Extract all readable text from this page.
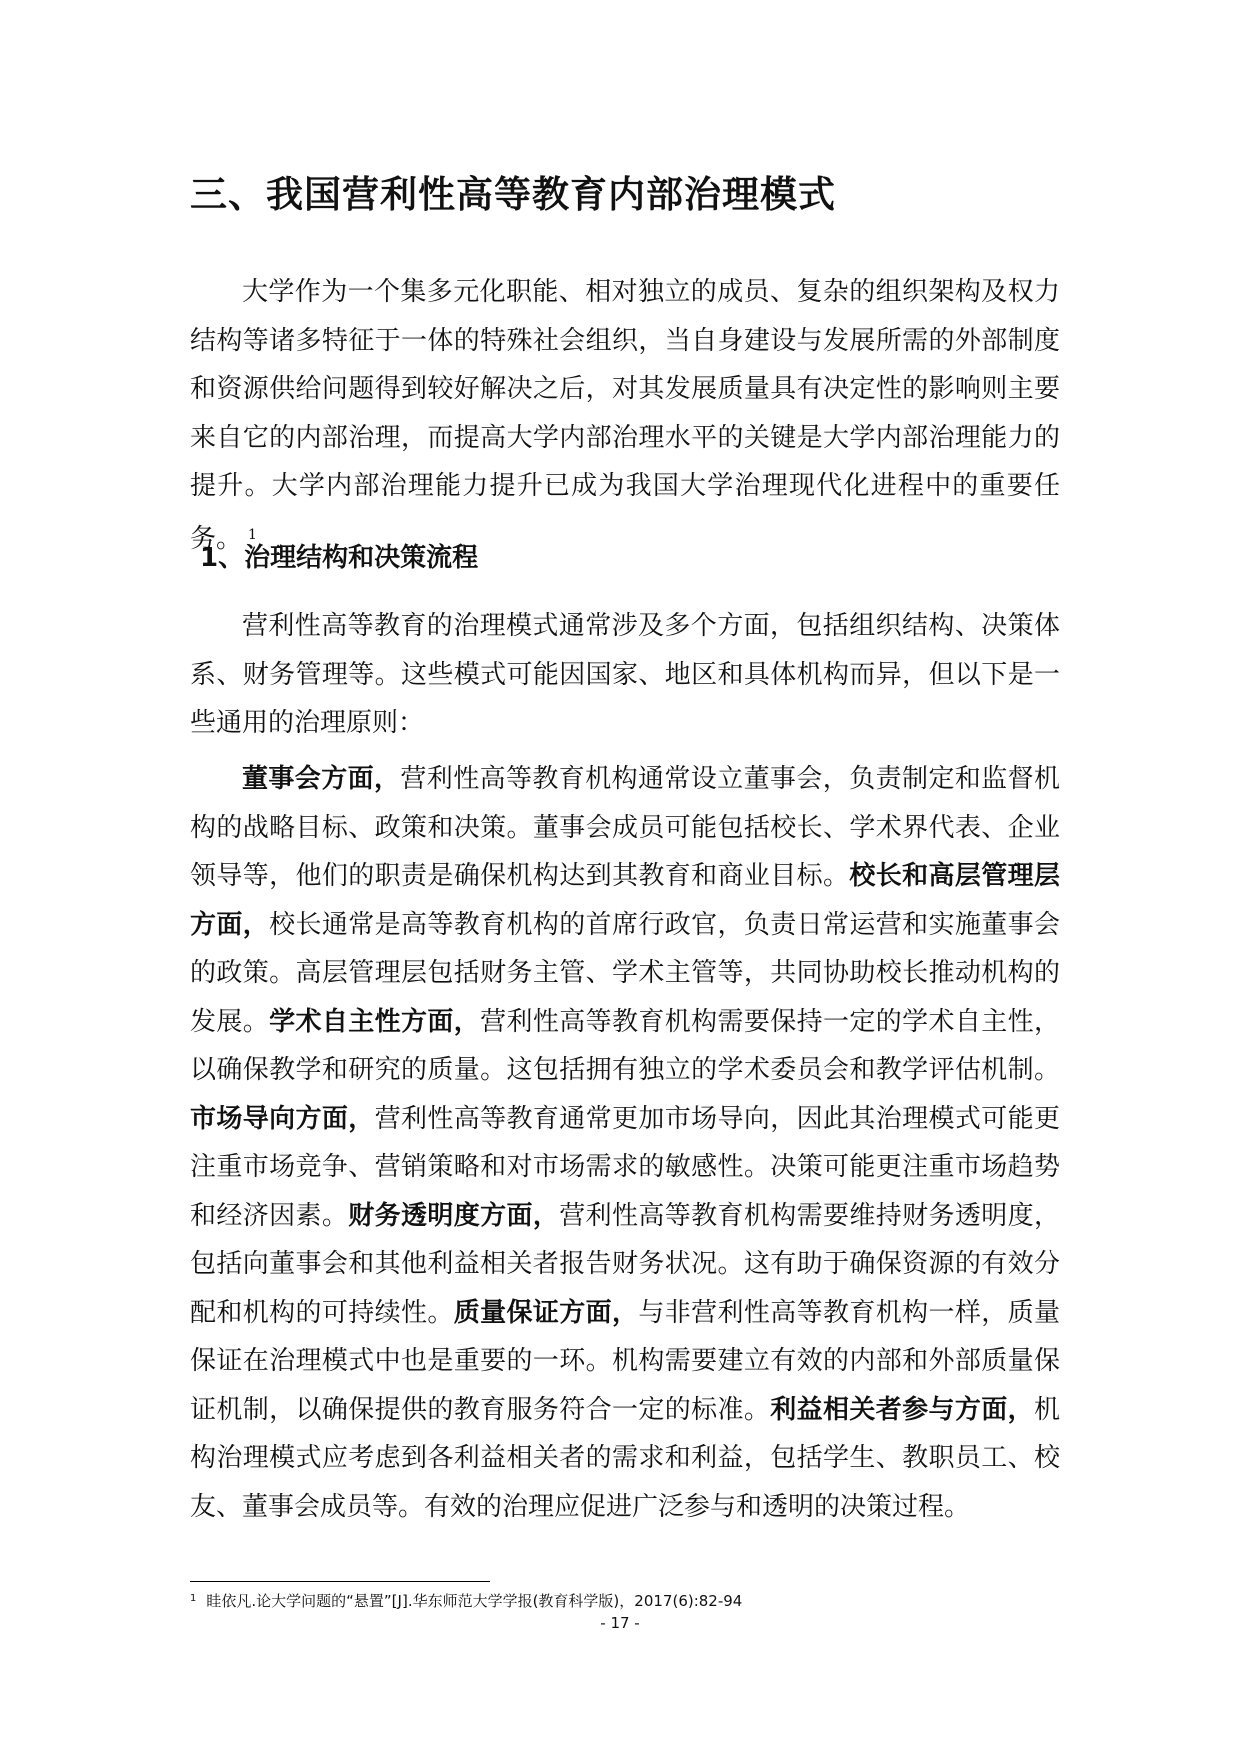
三、我国营利性高等教育内部治理模式
大学作为一个集多元化职能、相对独立的成员、复杂的组织架构及权力结构等诸多特征于一体的特殊社会组织，当自身建设与发展所需的外部制度和资源供给问题得到较好解决之后，对其发展质量具有决定性的影响则主要来自它的内部治理，而提高大学内部治理水平的关键是大学内部治理能力的提升。大学内部治理能力提升已成为我国大学治理现代化进程中的重要任务。 $^1$
1、治理结构和决策流程
营利性高等教育的治理模式通常涉及多个方面，包括组织结构、决策体系、财务管理等。这些模式可能因国家、地区和具体机构而异，但以下是一些通用的治理原则：
董事会方面，营利性高等教育机构通常设立董事会，负责制定和监督机构的战略目标、政策和决策。董事会成员可能包括校长、学术界代表、企业领导等，他们的职责是确保机构达到其教育和商业目标。校长和高层管理层方面，校长通常是高等教育机构的首席行政官，负责日常运营和实施董事会的政策。高层管理层包括财务主管、学术主管等，共同协助校长推动机构的发展。学术自主性方面，营利性高等教育机构需要保持一定的学术自主性，以确保教学和研究的质量。这包括拥有独立的学术委员会和教学评估机制。市场导向方面，营利性高等教育通常更加市场导向，因此其治理模式可能更注重市场竞争、营销策略和对市场需求的敏感性。决策可能更注重市场趋势和经济因素。财务透明度方面，营利性高等教育机构需要维持财务透明度，包括向董事会和其他利益相关者报告财务状况。这有助于确保资源的有效分配和机构的可持续性。质量保证方面，与非营利性高等教育机构一样，质量保证在治理模式中也是重要的一环。机构需要建立有效的内部和外部质量保证机制，以确保提供的教育服务符合一定的标准。利益相关者参与方面，机构治理模式应考虑到各利益相关者的需求和利益，包括学生、教职员工、校友、董事会成员等。有效的治理应促进广泛参与和透明的决策过程。
$^1$ 眭依凡.论大学问题的“悬置”[J].华东师范大学学报(教育科学版)，2017(6):82-94
- 17 -
